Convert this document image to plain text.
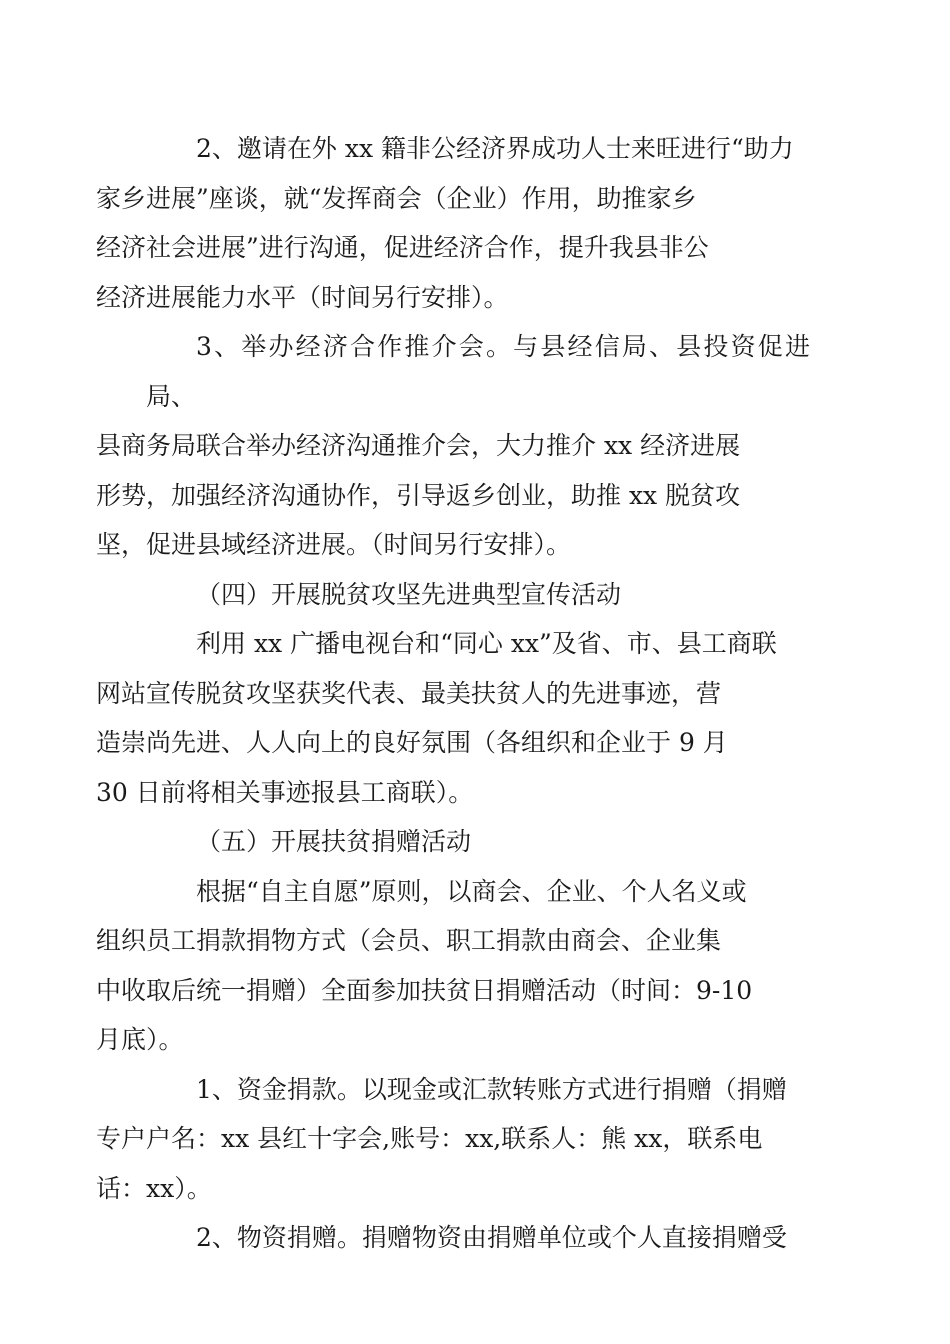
2、邀请在外 xx 籍非公经济界成功人士来旺进行“助力
家乡进展”座谈，就“发挥商会（企业）作用，助推家乡
经济社会进展”进行沟通，促进经济合作，提升我县非公
经济进展能力水平（时间另行安排）。

3、举办经济合作推介会。与县经信局、县投资促进局、
县商务局联合举办经济沟通推介会，大力推介 xx 经济进展
形势，加强经济沟通协作，引导返乡创业，助推 xx 脱贫攻
坚，促进县域经济进展。（时间另行安排）。

（四）开展脱贫攻坚先进典型宣传活动

利用 xx 广播电视台和“同心 xx”及省、市、县工商联
网站宣传脱贫攻坚获奖代表、最美扶贫人的先进事迹，营
造崇尚先进、人人向上的良好氛围（各组织和企业于 9 月
30 日前将相关事迹报县工商联）。

（五）开展扶贫捐赠活动

根据“自主自愿”原则，以商会、企业、个人名义或
组织员工捐款捐物方式（会员、职工捐款由商会、企业集
中收取后统一捐赠）全面参加扶贫日捐赠活动（时间：9-10
月底）。

1、资金捐款。以现金或汇款转账方式进行捐赠（捐赠
专户户名：xx 县红十字会,账号：xx,联系人：熊 xx，联系电
话：xx）。

2、物资捐赠。捐赠物资由捐赠单位或个人直接捐赠受
